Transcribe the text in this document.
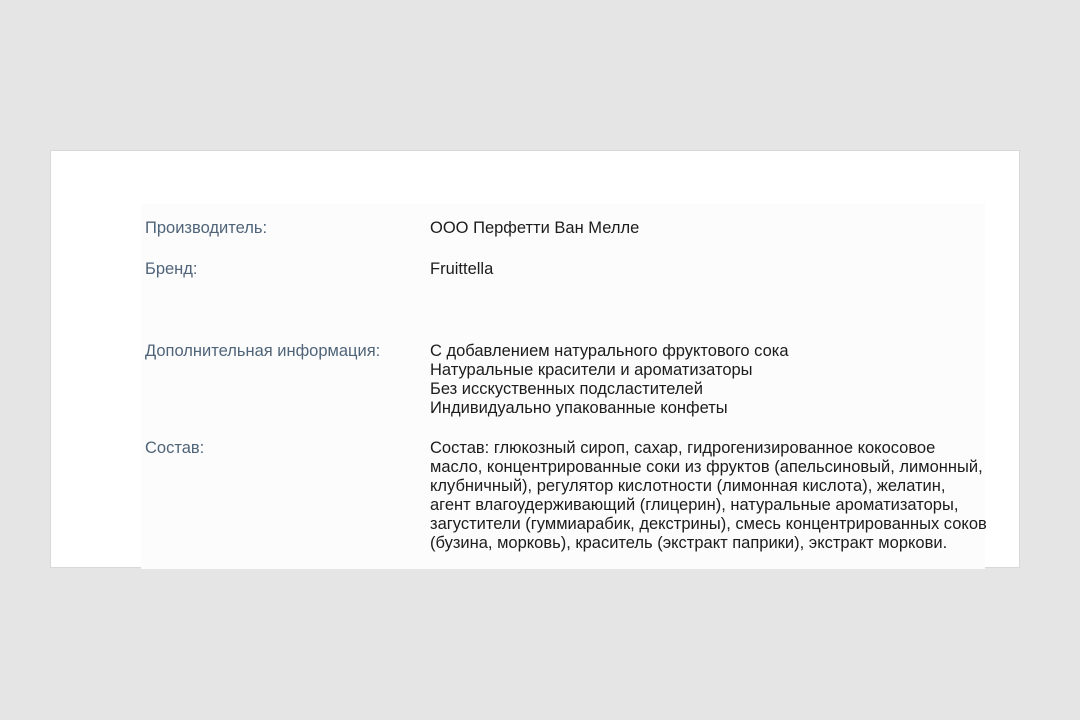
Производитель:	ООО Перфетти Ван Мелле
Бренд:	Fruittella
Дополнительная информация:	С добавлением натурального фруктового сока
Натуральные красители и ароматизаторы
Без исскуственных подсластителей
Индивидуально упакованные конфеты
Состав:	Состав: глюкозный сироп, сахар, гидрогенизированное кокосовое
масло, концентрированные соки из фруктов (апельсиновый, лимонный,
клубничный), регулятор кислотности (лимонная кислота), желатин,
агент влагоудерживающий (глицерин), натуральные ароматизаторы,
загустители (гуммиарабик, декстрины), смесь концентрированных соков
(бузина, морковь), краситель (экстракт паприки), экстракт моркови.
